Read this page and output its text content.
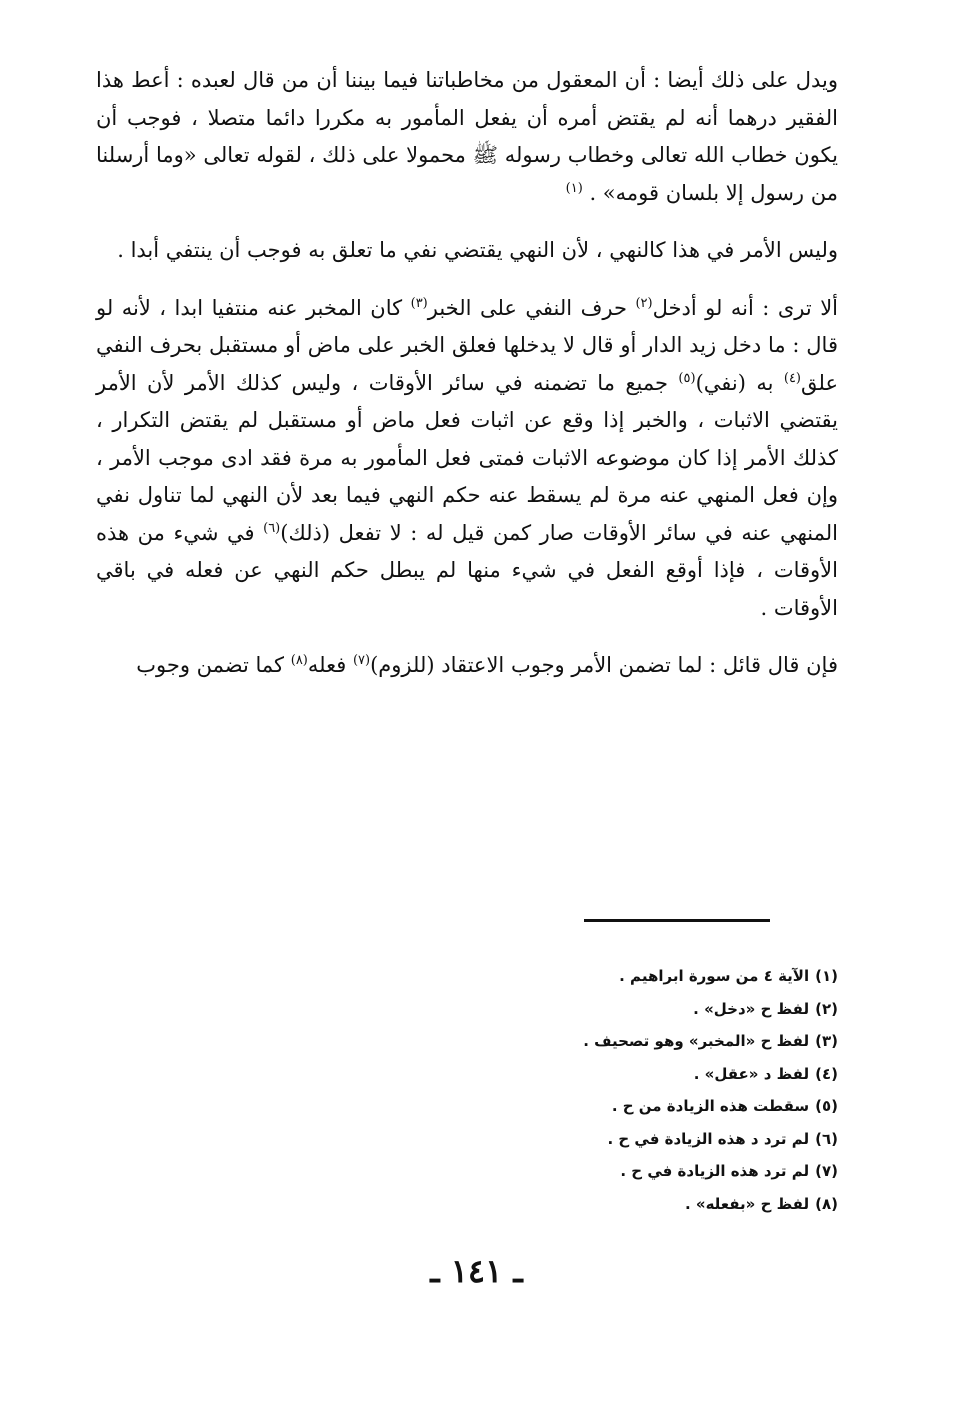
ويدل على ذلك أيضا : أن المعقول من مخاطباتنا فيما بيننا أن من قال لعبده : أعط هذا الفقير درهما أنه لم يقتض أمره أن يفعل المأمور به مكررا دائما متصلا ، فوجب أن يكون خطاب الله تعالى وخطاب رسوله ﷺ محمولا على ذلك ، لقوله تعالى «وما أرسلنا من رسول إلا بلسان قومه» . $^{(١)}$

وليس الأمر في هذا كالنهي ، لأن النهي يقتضي نفي ما تعلق به فوجب أن ينتفي أبدا .

ألا ترى : أنه لو أدخل$^{(٢)}$ حرف النفي على الخبر$^{(٣)}$ كان المخبر عنه منتفيا ابدا ، لأنه لو قال : ما دخل زيد الدار أو قال لا يدخلها فعلق الخبر على ماض أو مستقبل بحرف النفي علق$^{(٤)}$ به (نفي)$^{(٥)}$ جميع ما تضمنه في سائر الأوقات ، وليس كذلك الأمر لأن الأمر يقتضي الاثبات ، والخبر إذا وقع عن اثبات فعل ماض أو مستقبل لم يقتض التكرار ، كذلك الأمر إذا كان موضوعه الاثبات فمتى فعل المأمور به مرة فقد ادى موجب الأمر ، وإن فعل المنهي عنه مرة لم يسقط عنه حكم النهي فيما بعد لأن النهي لما تناول نفي المنهي عنه في سائر الأوقات صار كمن قيل له : لا تفعل (ذلك)$^{(٦)}$ في شيء من هذه الأوقات ، فإذا أوقع الفعل في شيء منها لم يبطل حكم النهي عن فعله في باقي الأوقات .

فإن قال قائل : لما تضمن الأمر وجوب الاعتقاد (للزوم)$^{(٧)}$ فعله$^{(٨)}$ كما تضمن وجوب

(١)الآية ٤ من سورة ابراهيم .
(٢)لفظ ح «دخل» .
(٣)لفظ ح «المخبر» وهو تصحيف .
(٤)لفظ د «عقل» .
(٥)سقطت هذه الزيادة من ح .
(٦)لم ترد د هذه الزيادة في ح .
(٧)لم ترد هذه الزيادة في ح .
(٨)لفظ ح «بفعله» .
ـ ١٤١ ـ
